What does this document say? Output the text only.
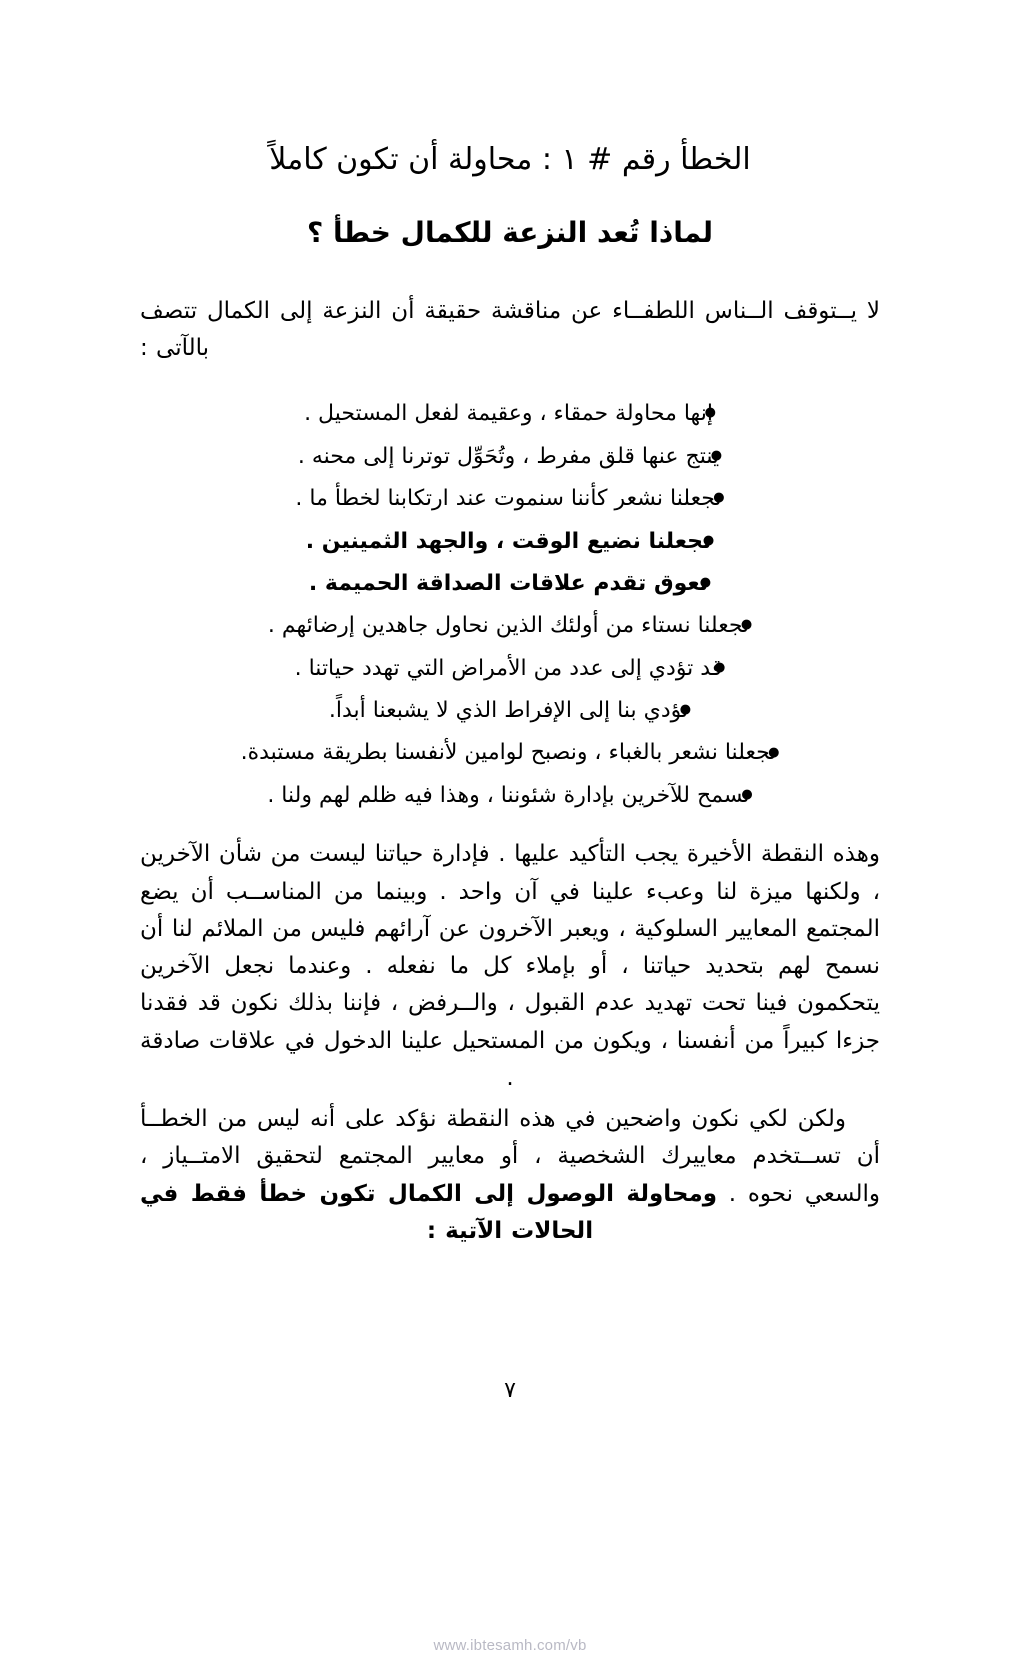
الخطأ رقم # ١ : محاولة أن تكون كاملاً
لماذا تُعد النزعة للكمال خطأ ؟

لا يــتوقف الــناس اللطفــاء عن مناقشة حقيقة أن النزعة إلى الكمال تتصف بالآتى :

إنها محاولة حمقاء ، وعقيمة لفعل المستحيل .
ينتج عنها قلق مفرط ، وتُحَوِّل توترنا إلى محنه .
تجعلنا نشعر كأننا سنموت عند ارتكابنا لخطأ ما .
تجعلنا نضيع الوقت ، والجهد الثمينين .
تعوق تقدم علاقات الصداقة الحميمة .
تجعلنا نستاء من أولئك الذين نحاول جاهدين إرضائهم .
قد تؤدي إلى عدد من الأمراض التي تهدد حياتنا .
تؤدي بنا إلى الإفراط الذي لا يشبعنا أبداً.
تجعلنا نشعر بالغباء ، ونصبح لوامين لأنفسنا بطريقة مستبدة.
تسمح للآخرين بإدارة شئوننا ، وهذا فيه ظلم لهم ولنا .

وهذه النقطة الأخيرة يجب التأكيد عليها . فإدارة حياتنا ليست من شأن الآخرين ، ولكنها ميزة لنا وعبء علينا في آن واحد . وبينما من المناســب أن يضع المجتمع المعايير السلوكية ، ويعبر الآخرون عن آرائهم فليس من الملائم لنا أن نسمح لهم بتحديد حياتنا ، أو بإملاء كل ما نفعله . وعندما نجعل الآخرين يتحكمون فينا تحت تهديد عدم القبول ، والــرفض ، فإننا بذلك نكون قد فقدنا جزءا كبيراً من أنفسنا ، ويكون من المستحيل علينا الدخول في علاقات صادقة .

ولكن لكي نكون واضحين في هذه النقطة نؤكد على أنه ليس من الخطــأ أن تســتخدم معاييرك الشخصية ، أو معايير المجتمع لتحقيق الامتــياز ، والسعي نحوه . ومحاولة الوصول إلى الكمال تكون خطأ فقط في الحالات الآتية :

٧
www.ibtesamh.com/vb
